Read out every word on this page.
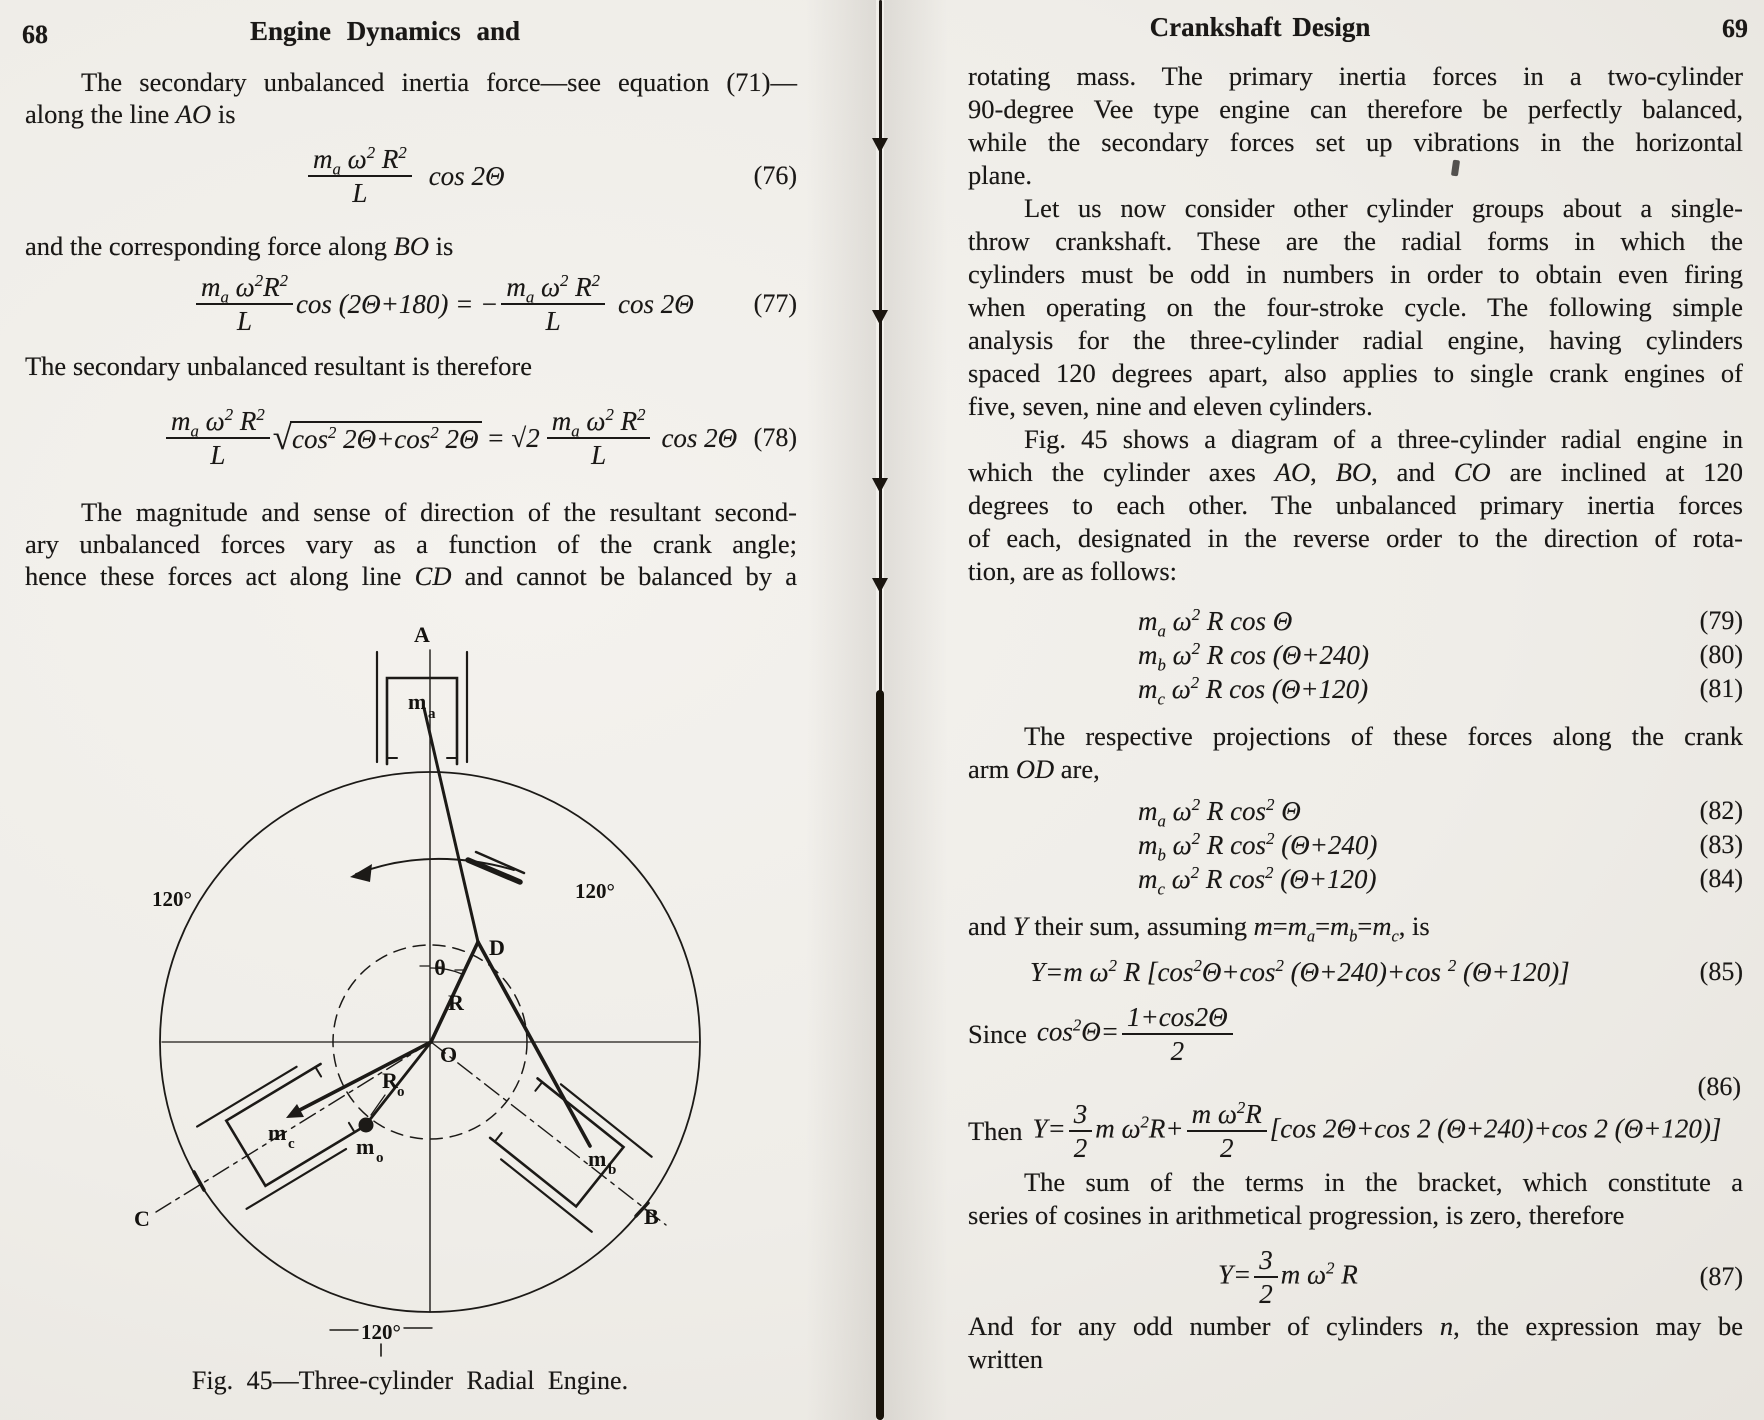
68	Engine Dynamics and
The secondary unbalanced inertia force—see equation (71)—
along the line AO is
$\frac{m_a \omega^2 R^2}{L}$ cos 2Θ	(76)
and the corresponding force along BO is
$\frac{m_a \omega^2R^2}{L}$ cos (2Θ+180) = − $\frac{m_a \omega^2 R^2}{L}$ cos 2Θ (77)
The secondary unbalanced resultant is therefore
$\frac{m_a \omega^2 R^2}{L}$ √ $\cos^2 2\Theta+\cos^2$ $2\Theta = √2 \frac{m_a \omega^2 R^2}{L}$ cos 2Θ (78)
The magnitude and sense of direction of the resultant second-
ary unbalanced forces vary as a function of the crank angle;
hence these forces act along line CD and cannot be balanced by a
A
m a
120°	120°
120°
θ
D
R
O
R o
m o
m c
m b
C	B
Fig. 45—Three-cylinder Radial Engine.
Crankshaft Design	69
rotating mass. The primary inertia forces in a two-cylinder
90-degree Vee type engine can therefore be perfectly balanced,
while the secondary forces set up vibrations in the horizontal
plane.
Let us now consider other cylinder groups about a single-
throw crankshaft. These are the radial forms in which the
cylinders must be odd in numbers in order to obtain even firing
when operating on the four-stroke cycle. The following simple
analysis for the three-cylinder radial engine, having cylinders
spaced 120 degrees apart, also applies to single crank engines of
five, seven, nine and eleven cylinders.
Fig. 45 shows a diagram of a three-cylinder radial engine in
which the cylinder axes AO, BO, and CO are inclined at 120
degrees to each other. The unbalanced primary inertia forces
of each, designated in the reverse order to the direction of rota-
tion, are as follows:
$m_a$ $\omega^2$ R cos Θ	(79)
$m_b$ $\omega^2$ R cos (Θ+240)	(80)
$m_c$ $\omega^2$ R cos (Θ+120)	(81)
The respective projections of these forces along the crank
arm OD are,
$m_a$ $\omega^2$ R $\cos^2 \Theta$	(82)
$m_b$ $\omega^2$ R $\cos^2 (\Theta+240)$	(83)
$m_c$ $\omega^2$ R $\cos^2 (\Theta+120)$	(84)
and Y their sum, assuming $m=m_a=m_b=m_c$, is
Y=m $\omega^2$ R [$\cos^2\Theta+\cos^2$ (Θ+240)+cos $^2$ (Θ+120)]	(85)
Since $\cos^2\Theta= \frac{1+\cos 2\Theta}{2}$
(86)
Then $Y= \frac{3}{2}$ m $\omega^2R+ \frac{m \omega^2R}{2} [\cos$ 2Θ+cos 2 (Θ+240)+cos 2 (Θ+120)]
The sum of the terms in the bracket, which constitute a
series of cosines in arithmetical progression, is zero, therefore
$Y= \frac{3}{2}$ m $\omega^2$ R	(87)
And for any odd number of cylinders n, the expression may be
written
